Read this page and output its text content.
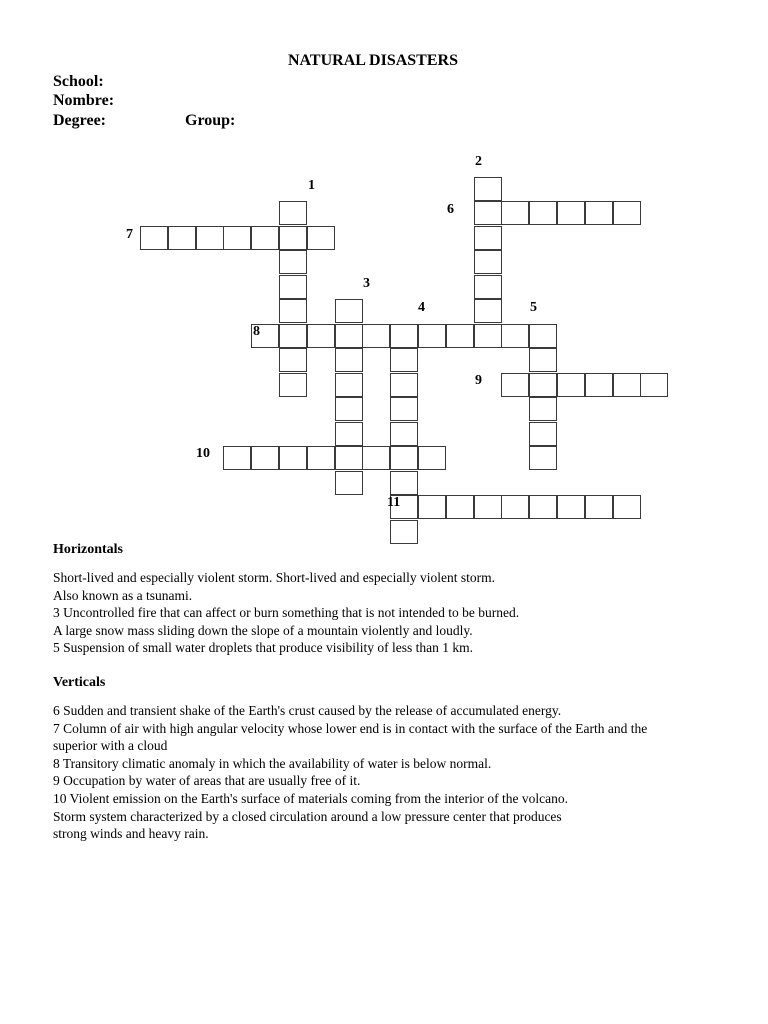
NATURAL DISASTERS
School:
Nombre:
Degree:	Group:
1
2
3
4	5
6
7
8
9
10
11
Horizontals
Short-lived and especially violent storm. Short-lived and especially violent storm.
Also known as a tsunami.
3 Uncontrolled fire that can affect or burn something that is not intended to be burned.
A large snow mass sliding down the slope of a mountain violently and loudly.
5 Suspension of small water droplets that produce visibility of less than 1 km.
Verticals
6 Sudden and transient shake of the Earth's crust caused by the release of accumulated energy.
7 Column of air with high angular velocity whose lower end is in contact with the surface of the Earth and the superior with a cloud
8 Transitory climatic anomaly in which the availability of water is below normal.
9 Occupation by water of areas that are usually free of it.
10 Violent emission on the Earth's surface of materials coming from the interior of the volcano.
Storm system characterized by a closed circulation around a low pressure center that produces strong winds and heavy rain.
